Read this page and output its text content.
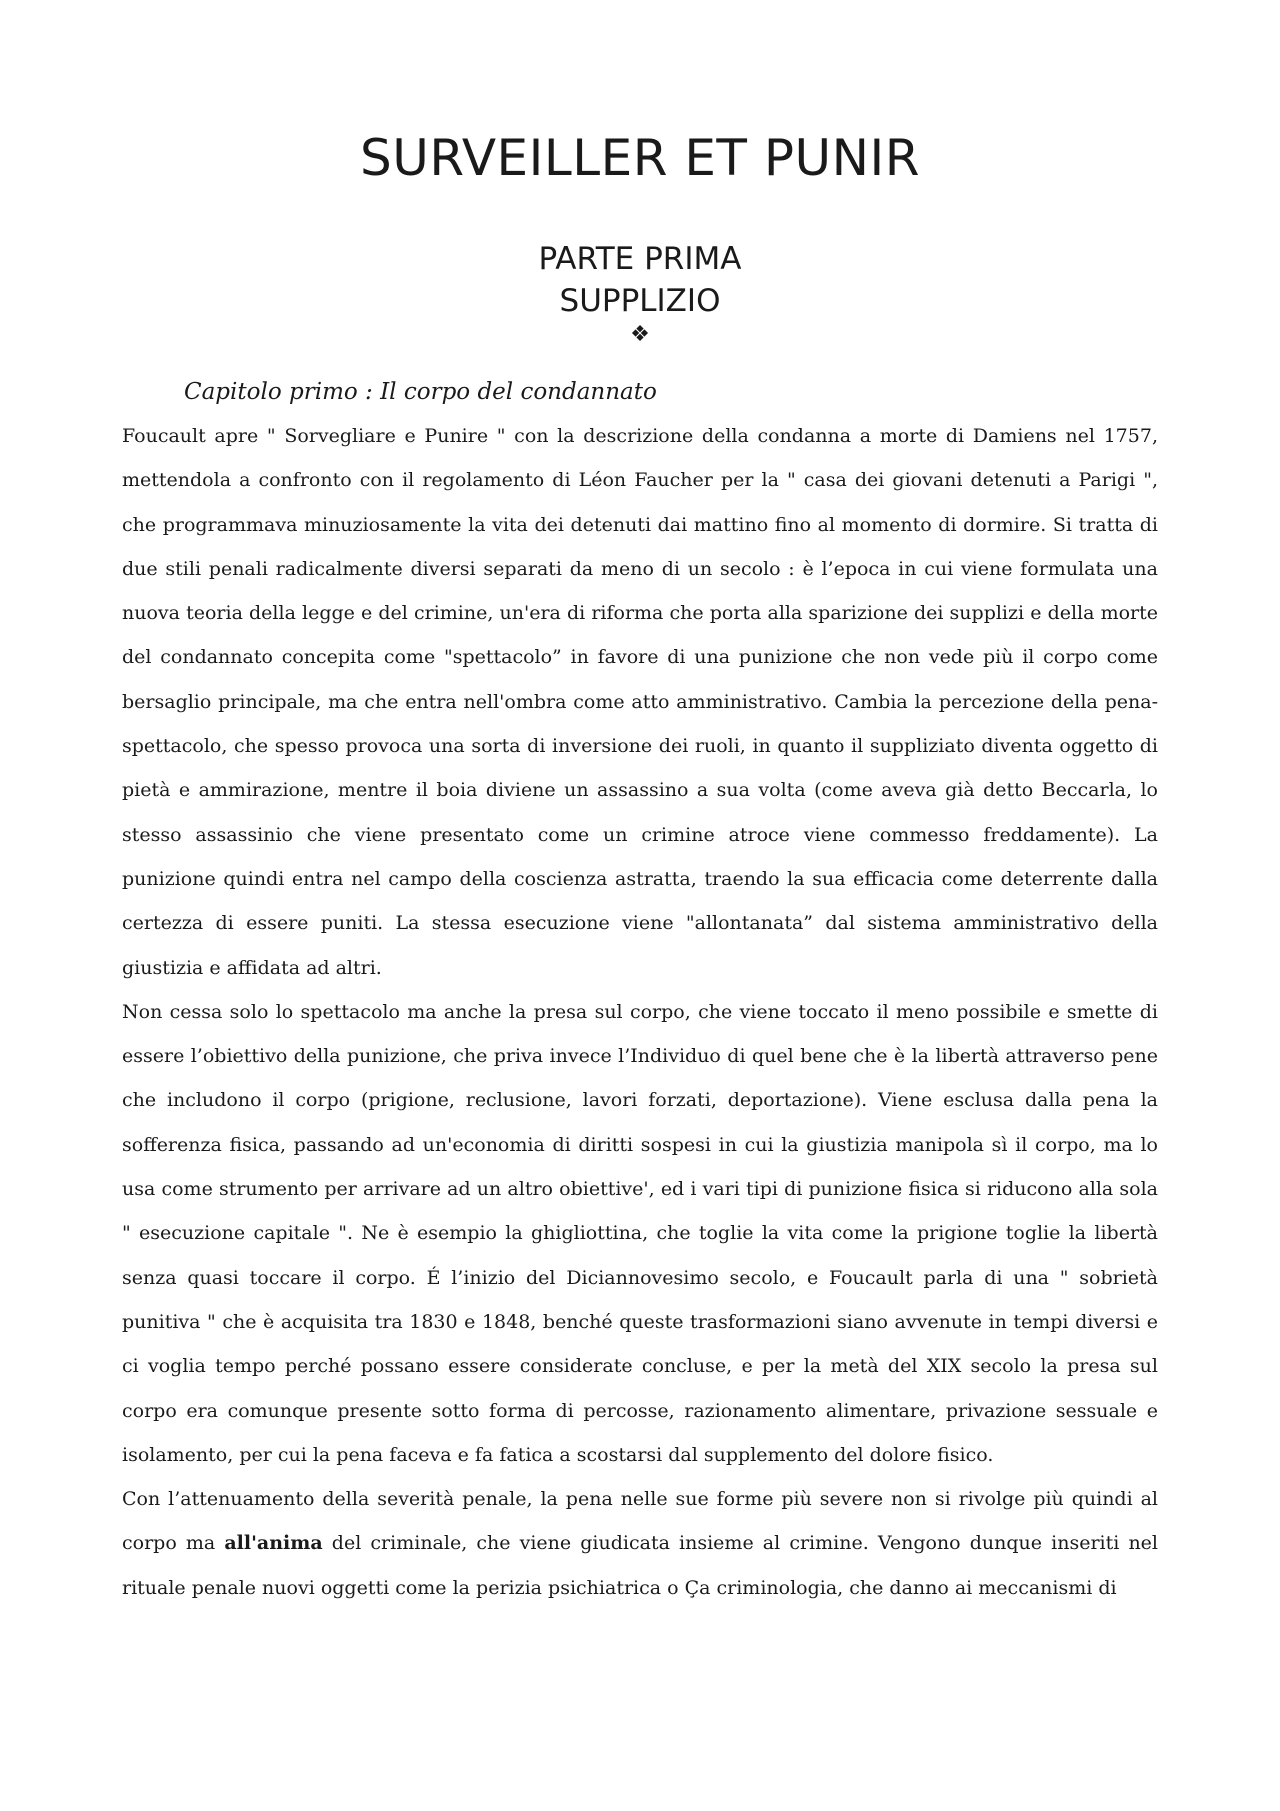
SURVEILLER ET PUNIR
PARTE PRIMA
SUPPLIZIO
❖
Capitolo primo : Il corpo del condannato

Foucault apre " Sorvegliare e Punire " con la descrizione della condanna a morte di Damiens nel 1757, mettendola a confronto con il regolamento di Léon Faucher per la " casa dei giovani detenuti a Parigi ", che programmava minuziosamente la vita dei detenuti dai mattino fino al momento di dormire. Si tratta di due stili penali radicalmente diversi separati da meno di un secolo : è l’epoca in cui viene formulata una nuova teoria della legge e del crimine, un'era di riforma che porta alla sparizione dei supplizi e della morte del condannato concepita come "spettacolo” in favore di una punizione che non vede più il corpo come bersaglio principale, ma che entra nell'ombra come atto amministrativo. Cambia la percezione della pena-spettacolo, che spesso provoca una sorta di inversione dei ruoli, in quanto il suppliziato diventa oggetto di pietà e ammirazione, mentre il boia diviene un assassino a sua volta (come aveva già detto Beccarla, lo stesso assassinio che viene presentato come un crimine atroce viene commesso freddamente). La punizione quindi entra nel campo della coscienza astratta, traendo la sua efficacia come deterrente dalla certezza di essere puniti. La stessa esecuzione viene "allontanata” dal sistema amministrativo della giustizia e affidata ad altri.

Non cessa solo lo spettacolo ma anche la presa sul corpo, che viene toccato il meno possibile e smette di essere l’obiettivo della punizione, che priva invece l’Individuo di quel bene che è la libertà attraverso pene che includono il corpo (prigione, reclusione, lavori forzati, deportazione). Viene esclusa dalla pena la sofferenza fisica, passando ad un'economia di diritti sospesi in cui la giustizia manipola sì il corpo, ma lo usa come strumento per arrivare ad un altro obiettive', ed i vari tipi di punizione fisica si riducono alla sola " esecuzione capitale ". Ne è esempio la ghigliottina, che toglie la vita come la prigione toglie la libertà senza quasi toccare il corpo. É l’inizio del Diciannovesimo secolo, e Foucault parla di una " sobrietà punitiva " che è acquisita tra 1830 e 1848, benché queste trasformazioni siano avvenute in tempi diversi e ci voglia tempo perché possano essere considerate concluse, e per la metà del XIX secolo la presa sul corpo era comunque presente sotto forma di percosse, razionamento alimentare, privazione sessuale e isolamento, per cui la pena faceva e fa fatica a scostarsi dal supplemento del dolore fisico.

Con l’attenuamento della severità penale, la pena nelle sue forme più severe non si rivolge più quindi al corpo ma all'anima del criminale, che viene giudicata insieme al crimine. Vengono dunque inseriti nel rituale penale nuovi oggetti come la perizia psichiatrica o Ça criminologia, che danno ai meccanismi di
